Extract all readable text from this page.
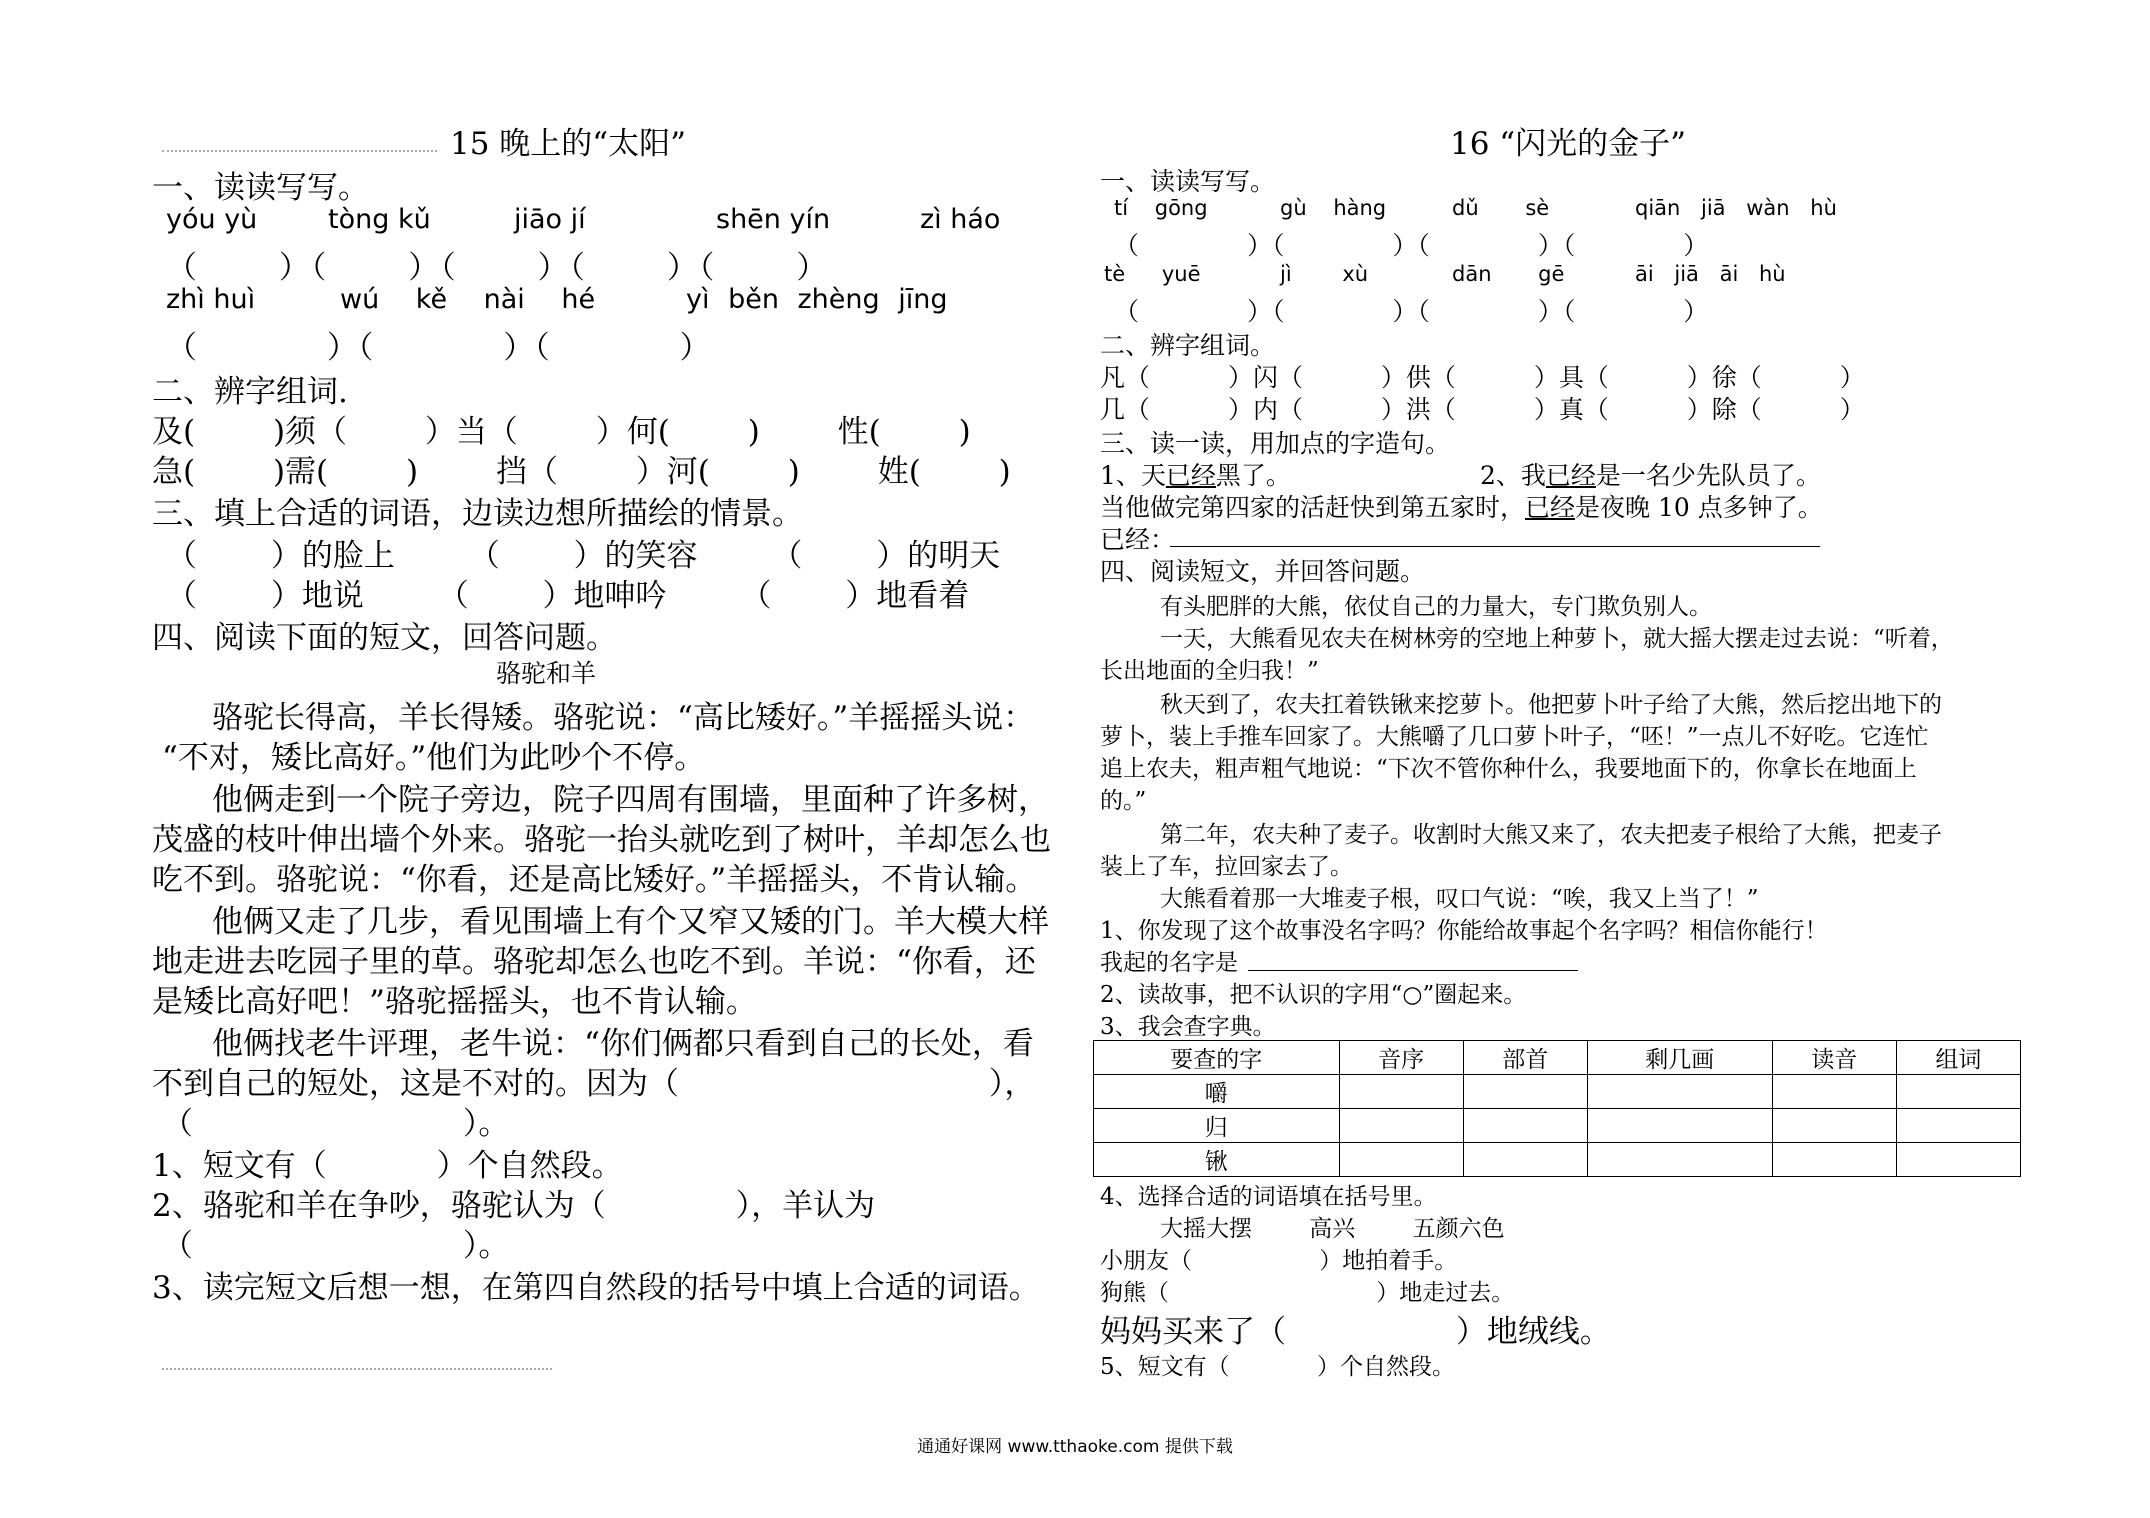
15 晚上的“太阳”
一、读读写写。
yóu yù	tòng kǔ	jiāo jí	shēn yín	zì háo
（ ）（ ）（ ）（ ）（ ）
zhì huì	wú kě nài hé	yì běn zhèng jīng
（ ）（ ）（ ）
二、辨字组词.
及( )须（ ）当（ ）何( ) 性( )
急( )需( ) 挡（ ）河( ) 姓( )
三、填上合适的词语，边读边想所描绘的情景。
（ ）的脸上 （ ）的笑容 （ ）的明天
（ ）地说 （ ）地呻吟 （ ）地看着
四、阅读下面的短文，回答问题。
骆驼和羊
骆驼长得高，羊长得矮。骆驼说：“高比矮好。”羊摇摇头说：
“不对，矮比高好。”他们为此吵个不停。
他俩走到一个院子旁边，院子四周有围墙，里面种了许多树，
茂盛的枝叶伸出墙个外来。骆驼一抬头就吃到了树叶，羊却怎么也
吃不到。骆驼说：“你看，还是高比矮好。”羊摇摇头，不肯认输。
他俩又走了几步，看见围墙上有个又窄又矮的门。羊大模大样
地走进去吃园子里的草。骆驼却怎么也吃不到。羊说：“你看，还
是矮比高好吧！”骆驼摇摇头，也不肯认输。
他俩找老牛评理，老牛说：“你们俩都只看到自己的长处，看
不到自己的短处，这是不对的。因为（ ），
（ ）。
1、短文有（ ）个自然段。
2、骆驼和羊在争吵，骆驼认为（ ），羊认为
（ ）。
3、读完短文后想一想，在第四自然段的括号中填上合适的词语。
16 “闪光的金子”
一、读读写写。
tí gōng	gù hàng	dǔ sè	qiān jiā wàn hù
（ ）（ ）（ ）（ ）
tè yuē	jì xù	dān gē	āi jiā āi hù
（ ）（ ）（ ）（ ）
二、辨字组词。
凡（ ）闪（ ）供（ ）具（ ）徐（ ）
几（ ）内（ ）洪（ ）真（ ）除（ ）
三、读一读，用加点的字造句。
1、天已经黑了。	2、我已经是一名少先队员了。
当他做完第四家的活赶快到第五家时，已经是夜晚 10 点多钟了。
已经：
四、阅读短文，并回答问题。
有头肥胖的大熊，依仗自己的力量大，专门欺负别人。
一天，大熊看见农夫在树林旁的空地上种萝卜，就大摇大摆走过去说：“听着，
长出地面的全归我！”
秋天到了，农夫扛着铁锹来挖萝卜。他把萝卜叶子给了大熊，然后挖出地下的
萝卜，装上手推车回家了。大熊嚼了几口萝卜叶子，“呸！”一点儿不好吃。它连忙
追上农夫，粗声粗气地说：“下次不管你种什么，我要地面下的，你拿长在地面上
的。”
第二年，农夫种了麦子。收割时大熊又来了，农夫把麦子根给了大熊，把麦子
装上了车，拉回家去了。
大熊看着那一大堆麦子根，叹口气说：“唉，我又上当了！”
1、你发现了这个故事没名字吗？你能给故事起个名字吗？相信你能行！
我起的名字是
2、读故事，把不认识的字用“○”圈起来。
3、我会查字典。
要查的字	音序	部首	剩几画	读音	组词
嚼					
归					
锹					
4、选择合适的词语填在括号里。
大摇大摆 高兴 五颜六色
小朋友（ ）地拍着手。
狗熊（ ）地走过去。
妈妈买来了（ ）地绒线。
5、短文有（ ）个自然段。
通通好课网 www.tthaoke.com 提供下载
